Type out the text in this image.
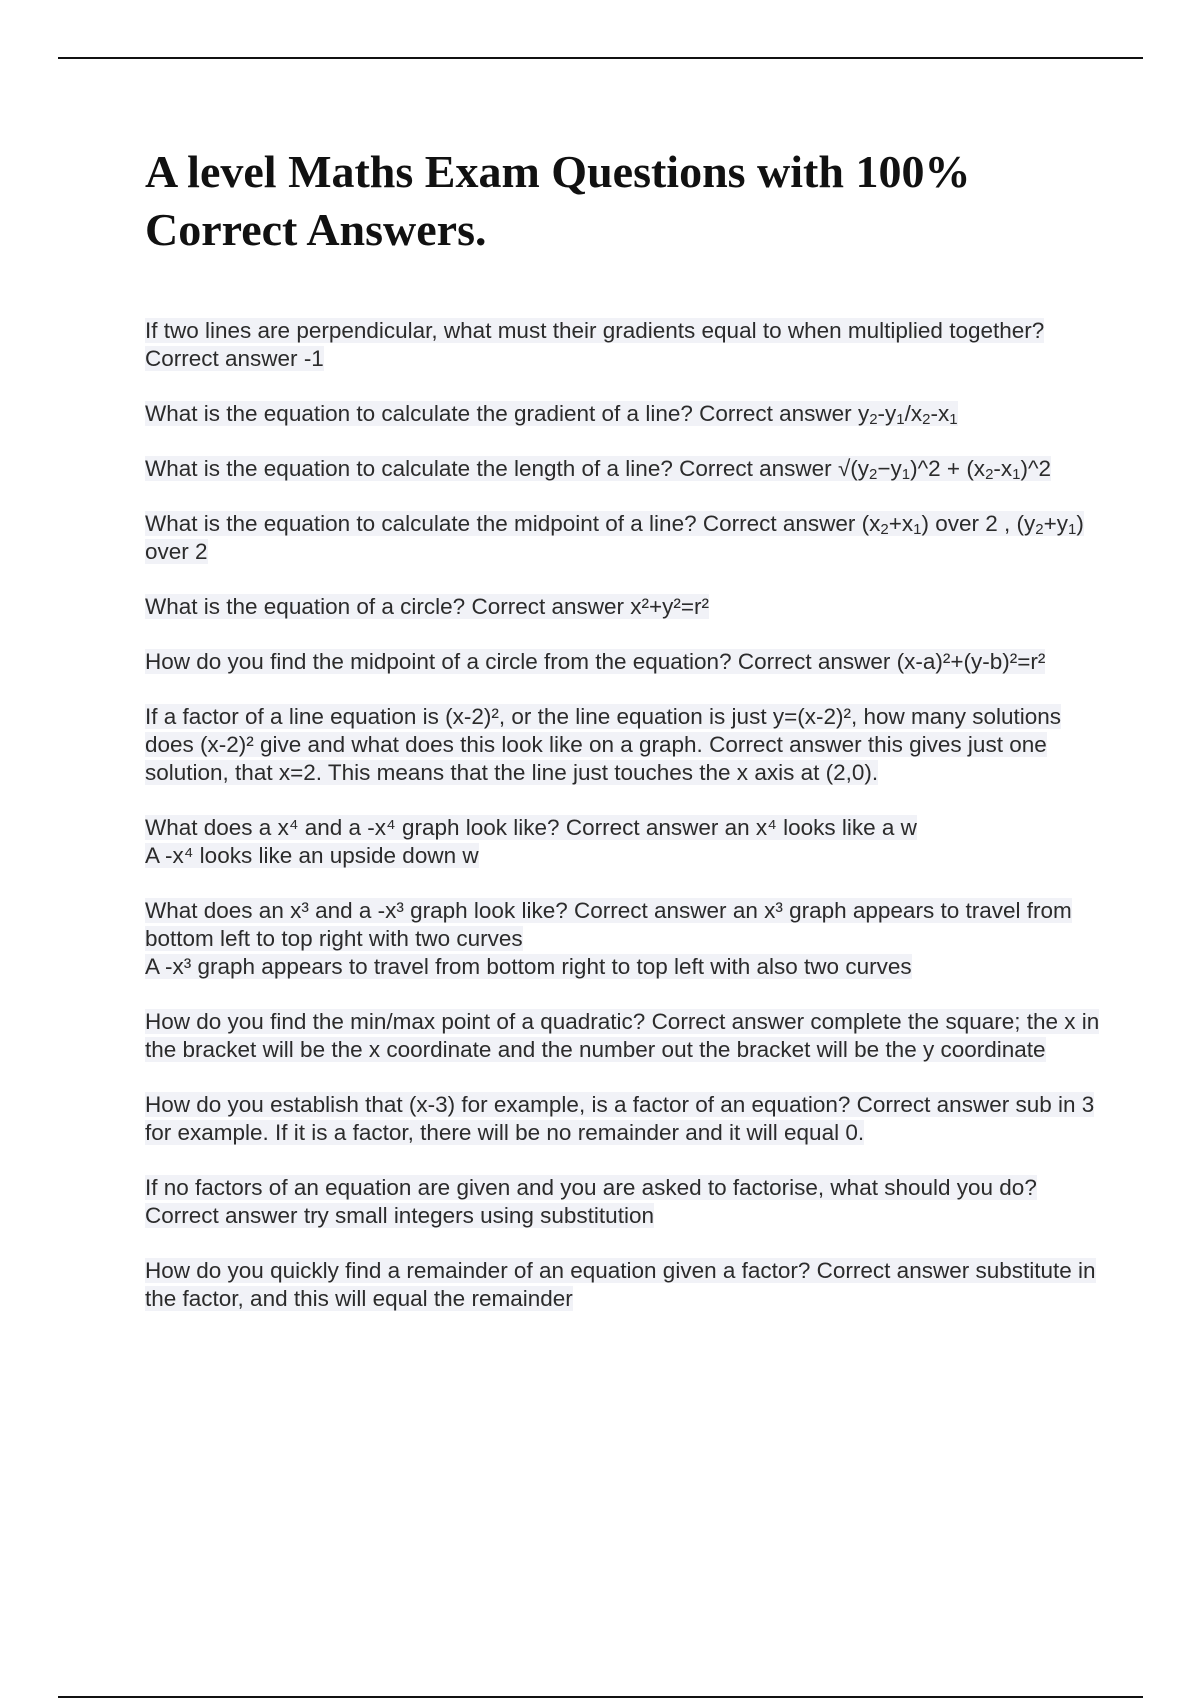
A level Maths Exam Questions with 100% Correct Answers.
If two lines are perpendicular, what must their gradients equal to when multiplied together? Correct answer -1
What is the equation to calculate the gradient of a line? Correct answer $y_2-y_1/x_2-x_1$
What is the equation to calculate the length of a line? Correct answer $√(y_2-y_1)\^{}2$ + $(x_2-x_1)\^{}2$
What is the equation to calculate the midpoint of a line? Correct answer $(x_2+x_1)$ over 2 , $(y_2+y_1)$ over 2
What is the equation of a circle? Correct answer x²+y²=r²
How do you find the midpoint of a circle from the equation? Correct answer (x-a)²+(y-b)²=r²
If a factor of a line equation is (x-2)², or the line equation is just y=(x-2)², how many solutions does (x-2)² give and what does this look like on a graph. Correct answer this gives just one solution, that x=2. This means that the line just touches the x axis at (2,0).
What does a x⁴ and a -x⁴ graph look like? Correct answer an x⁴ looks like a w
A -x⁴ looks like an upside down w
What does an x³ and a -x³ graph look like? Correct answer an x³ graph appears to travel from bottom left to top right with two curves
A -x³ graph appears to travel from bottom right to top left with also two curves
How do you find the min/max point of a quadratic? Correct answer complete the square; the x in the bracket will be the x coordinate and the number out the bracket will be the y coordinate
How do you establish that (x-3) for example, is a factor of an equation? Correct answer sub in 3 for example. If it is a factor, there will be no remainder and it will equal 0.
If no factors of an equation are given and you are asked to factorise, what should you do? Correct answer try small integers using substitution
How do you quickly find a remainder of an equation given a factor? Correct answer substitute in the factor, and this will equal the remainder
